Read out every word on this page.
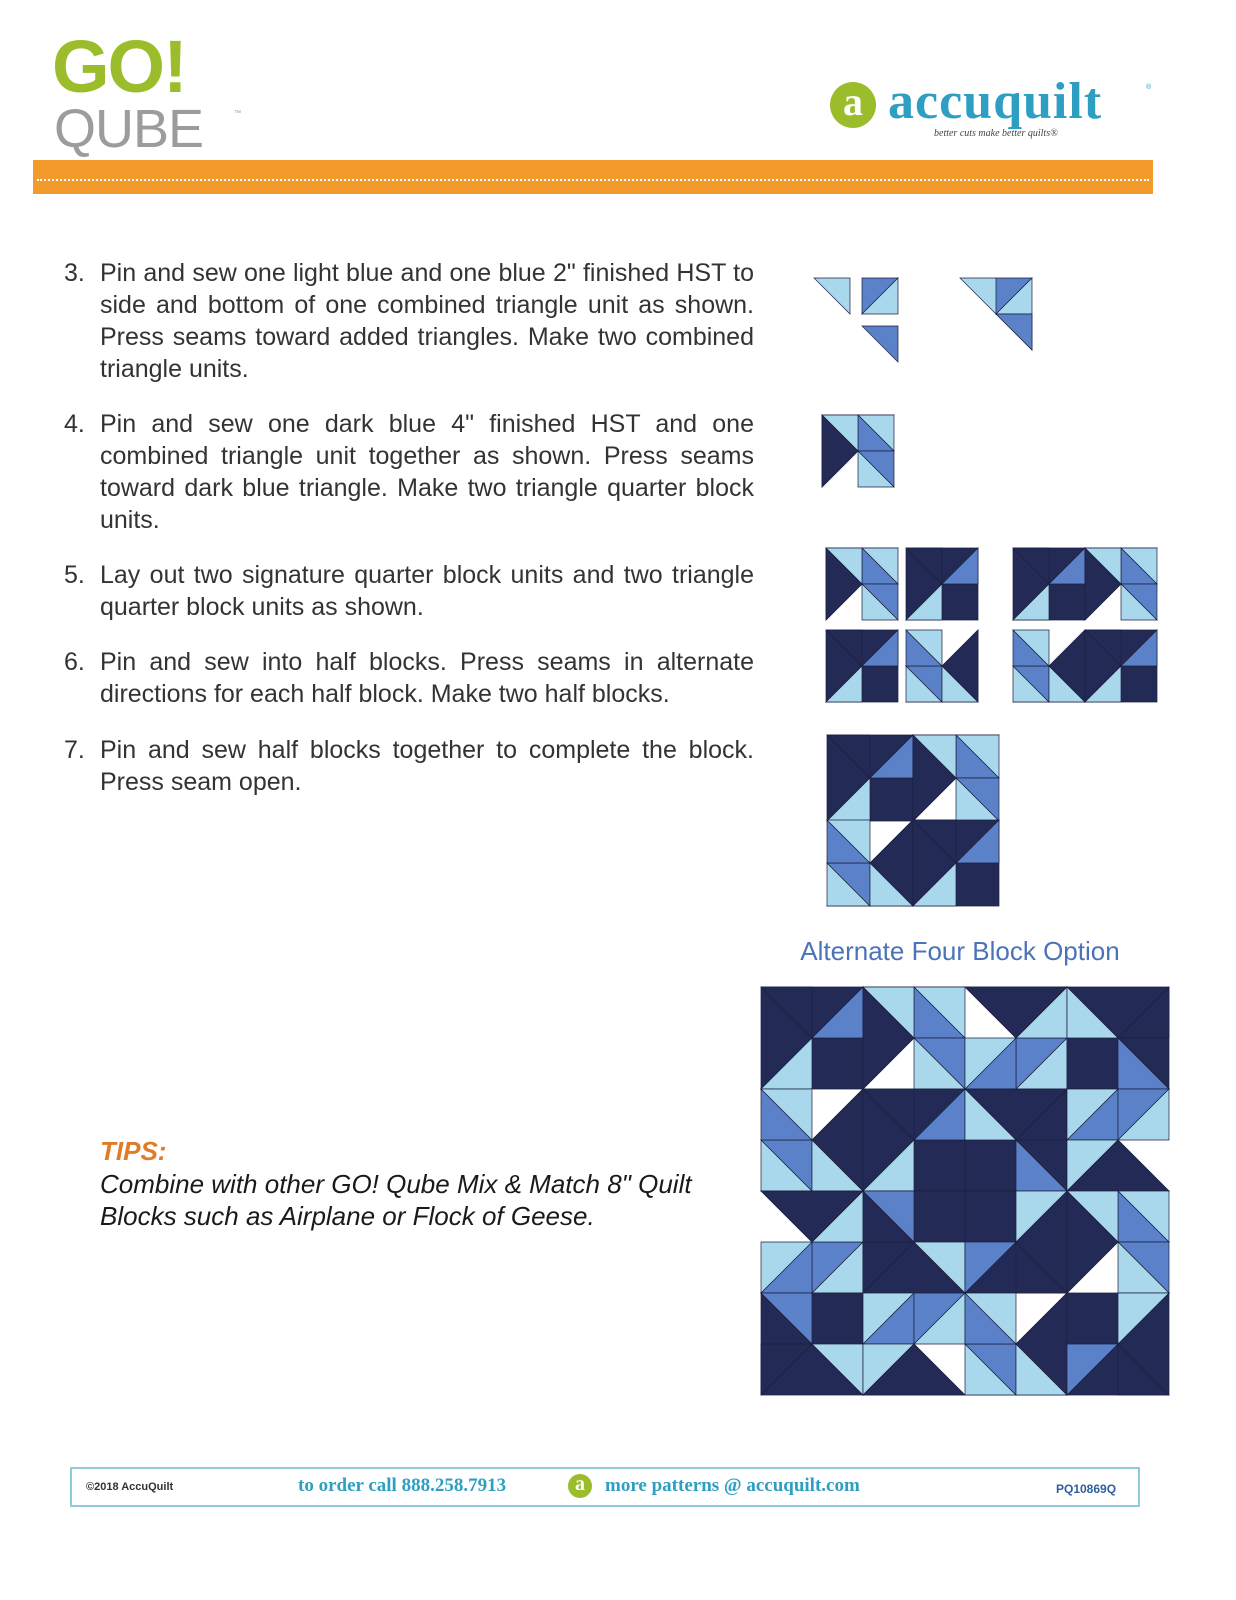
GO!
QUBE	™	a accuquilt	®
better cuts make better quilts®
3. Pin and sew one light blue and one blue 2" finished HST to side and bottom of one combined triangle unit as shown. Press seams toward added triangles. Make two combined triangle units.
4. Pin and sew one dark blue 4" finished HST and one combined triangle unit together as shown. Press seams toward dark blue triangle. Make two triangle quarter block units.
5. Lay out two signature quarter block units and two triangle quarter block units as shown.
6. Pin and sew into half blocks. Press seams in alternate directions for each half block. Make two half blocks.
7. Pin and sew half blocks together to complete the block. Press seam open.
Alternate Four Block Option
TIPS:
Combine with other GO! Qube Mix & Match 8" Quilt Blocks such as Airplane or Flock of Geese.
©2018 AccuQuilt	to order call 888.258.7913	a	more patterns @ accuquilt.com	PQ10869Q
